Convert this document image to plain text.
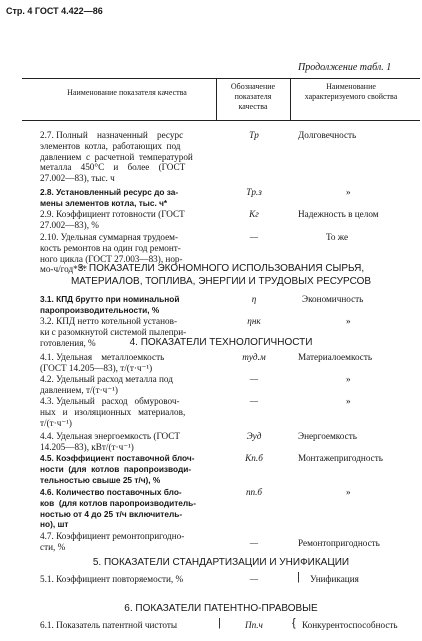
Стр. 4 ГОСТ 4.422—86
Продолжение табл. 1
Наименование показателя качества
Обозначение показателя качества
Наименование характеризуемого свойства
2.7. Полный    назначенный    ресурс
элементов  котла,  работающих  под
давлением  с  расчетной  температурой
металла    450°С    и    более    (ГОСТ
27.002—83), тыс. ч
Tр	Долговечность
2.8. Установленный ресурс до за-
мены элементов котла, тыс. ч*
Tр.з	»
2.9. Коэффициент готовности (ГОСТ
27.002—83), %
Kг	Надежность в целом
2.10. Удельная суммарная трудоем-
кость ремонтов на один год ремонт-
ного цикла (ГОСТ 27.003—83), нор-
мо-ч/год***
—	То же
3. ПОКАЗАТЕЛИ ЭКОНОМНОГО ИСПОЛЬЗОВАНИЯ СЫРЬЯ, МАТЕРИАЛОВ, ТОПЛИВА, ЭНЕРГИИ И ТРУДОВЫХ РЕСУРСОВ
3.1. КПД брутто при номинальной
паропроизводительности, %
η	Экономичность
3.2. КПД нетто котельной установ-
ки с разомкнутой системой пылепри-
готовления, %
ηнк	»
4. ПОКАЗАТЕЛИ ТЕХНОЛОГИЧНОСТИ
4.1. Удельная    металлоемкость
(ГОСТ 14.205—83), т/(т·ч⁻¹)
mуд.м	Материалоемкость
4.2. Удельный расход металла под
давлением, т/(т·ч⁻¹)
—	»
4.3. Удельный   расход   обмуровоч-
ных   и   изоляционных   материалов,
т/(т·ч⁻¹)
—	»
4.4. Удельная энергоемкость (ГОСТ
14.205—83), кВт/(т·ч⁻¹)
Эуд	Энергоемкость
4.5. Коэффициент поставочной блоч-
ности  (для  котлов  паропроизводи-
тельностью свыше 25 т/ч), %
Kп.б	Монтажепригодность
4.6. Количество поставочных бло-
ков  (для котлов паропроизводитель-
ностью от 4 до 25 т/ч включитель-
но), шт
nп.б	»
4.7. Коэффициент ремонтопригодно-
сти, %	—	Ремонтопригодность
5. ПОКАЗАТЕЛИ СТАНДАРТИЗАЦИИ И УНИФИКАЦИИ
5.1. Коэффициент повторяемости, %	—	| Унификация
6. ПОКАЗАТЕЛИ ПАТЕНТНО-ПРАВОВЫЕ
6.1. Показатель патентной чистоты	|	Пп.ч	{ Конкурентоспособность
